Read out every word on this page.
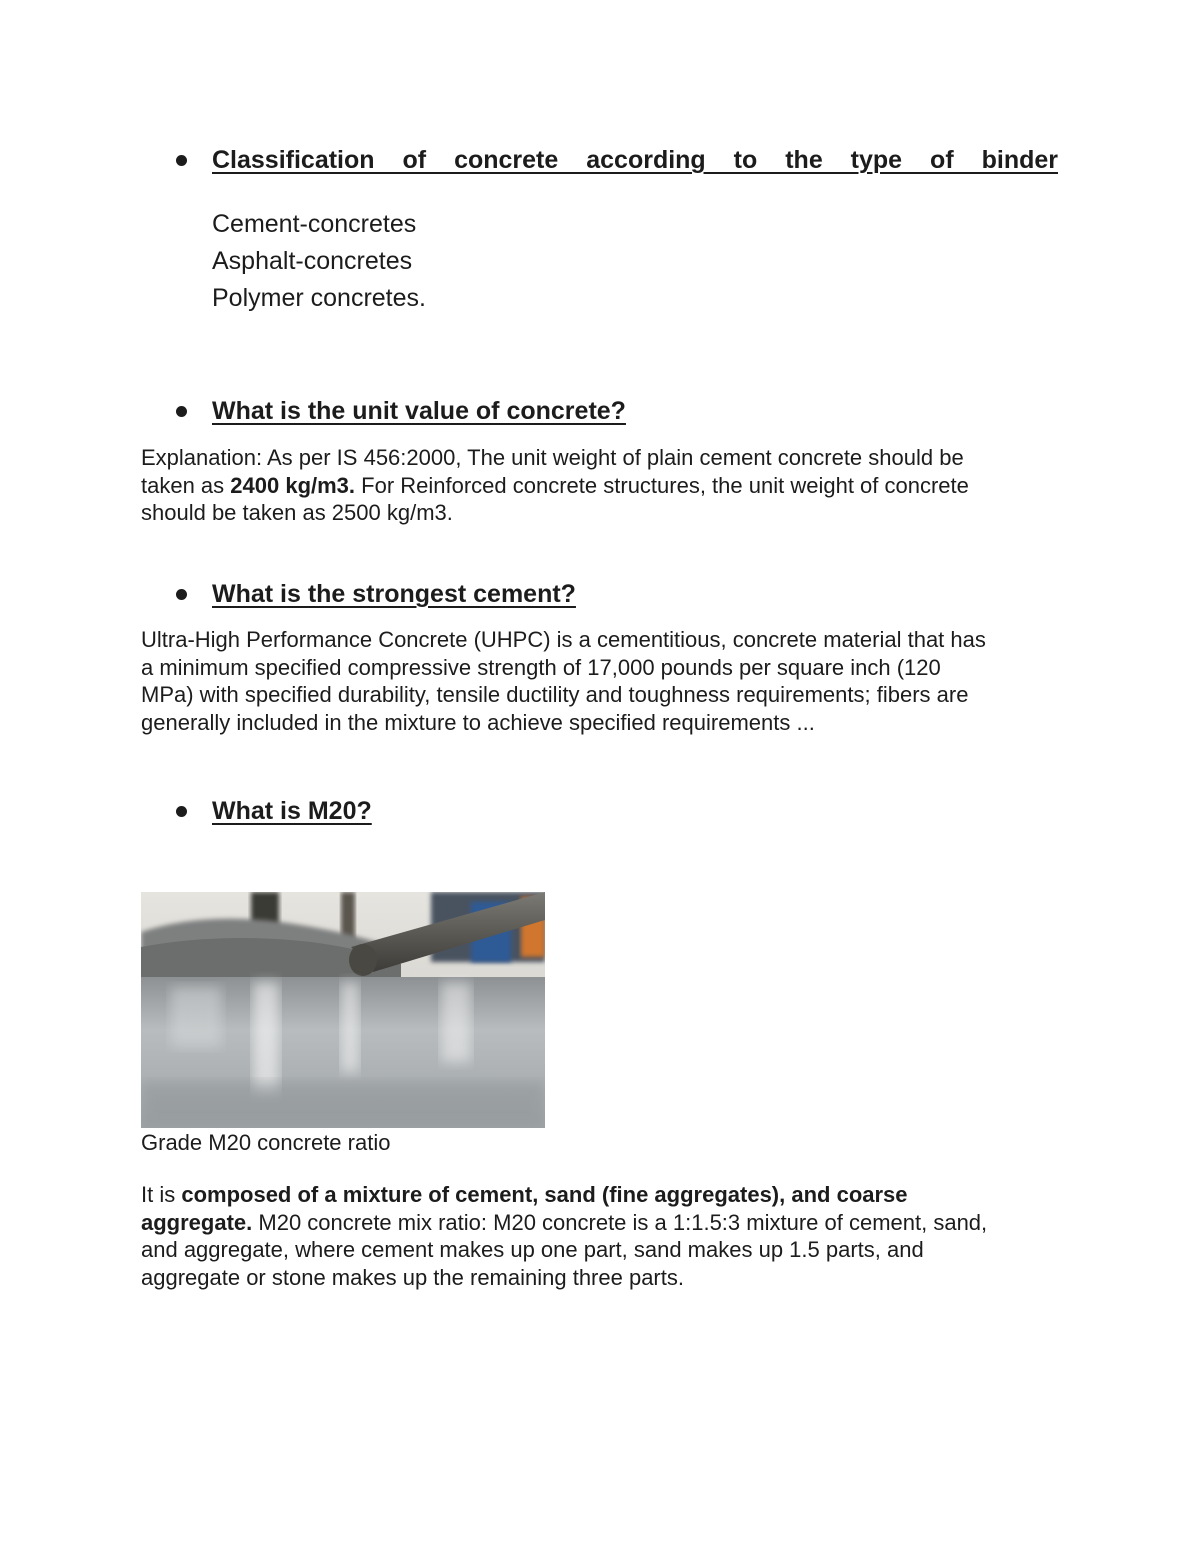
Classification of concrete according to the type of binder
Cement-concretes
Asphalt-concretes
Polymer concretes.
What is the unit value of concrete?
Explanation: As per IS 456:2000, The unit weight of plain cement concrete should be
taken as 2400 kg/m3. For Reinforced concrete structures, the unit weight of concrete
should be taken as 2500 kg/m3.
What is the strongest cement?
Ultra-High Performance Concrete (UHPC) is a cementitious, concrete material that has
a minimum specified compressive strength of 17,000 pounds per square inch (120
MPa) with specified durability, tensile ductility and toughness requirements; fibers are
generally included in the mixture to achieve specified requirements ...
What is M20?
Grade M20 concrete ratio
It is composed of a mixture of cement, sand (fine aggregates), and coarse
aggregate. M20 concrete mix ratio: M20 concrete is a 1:1.5:3 mixture of cement, sand,
and aggregate, where cement makes up one part, sand makes up 1.5 parts, and
aggregate or stone makes up the remaining three parts.
